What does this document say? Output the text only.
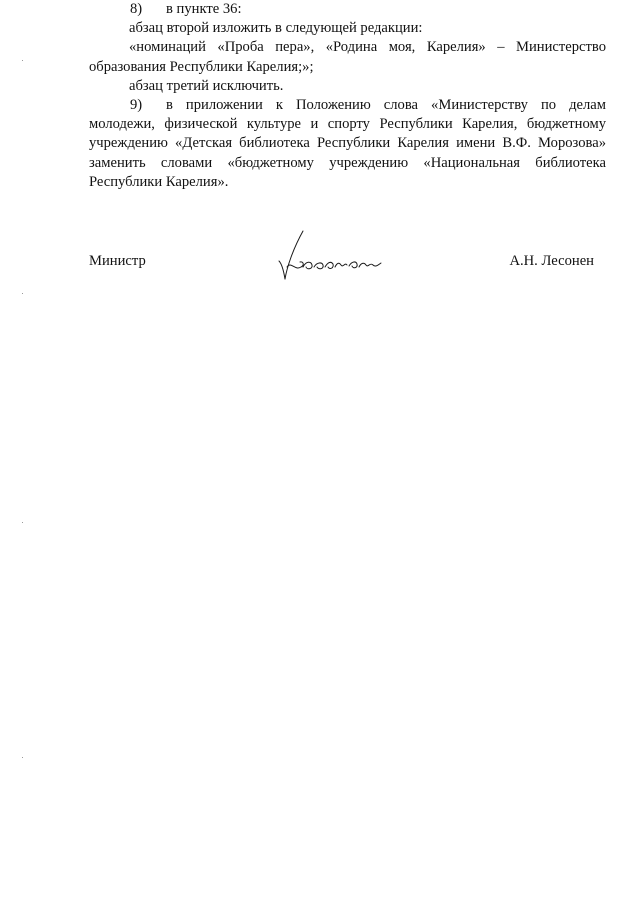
8) в пункте 36:

абзац второй изложить в следующей редакции:

«номинаций «Проба пера», «Родина моя, Карелия» – Министерство образования Республики Карелия;»;

абзац третий исключить.

9) в приложении к Положению слова «Министерству по делам молодежи, физической культуре и спорту Республики Карелия, бюджетному учреждению «Детская библиотека Республики Карелия имени В.Ф. Морозова» заменить словами «бюджетному учреждению «Национальная библиотека Республики Карелия».

Министр	А.Н. Лесонен
